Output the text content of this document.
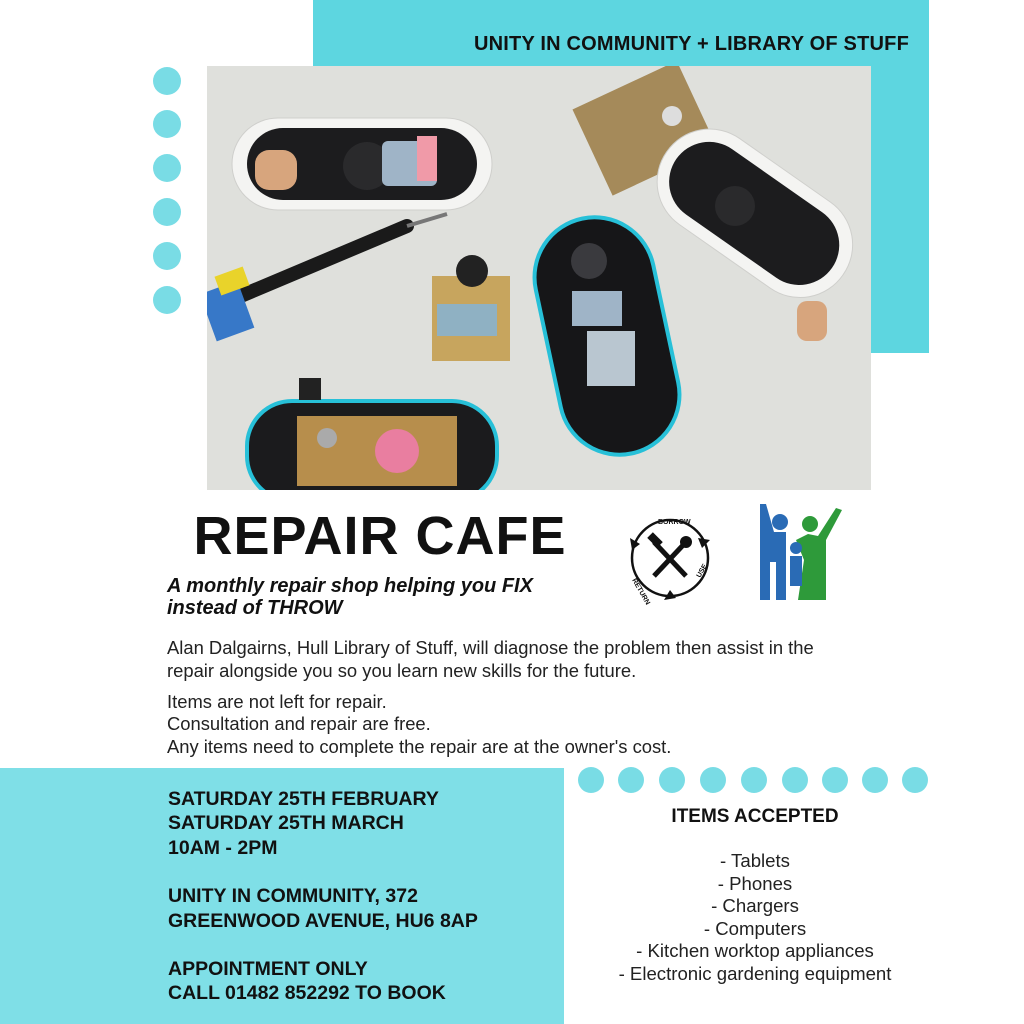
UNITY IN COMMUNITY + LIBRARY OF STUFF
REPAIR CAFE
A monthly repair shop helping you FIX instead of THROW
BORROW
USE
RETURN
Alan Dalgairns, Hull Library of Stuff, will diagnose the problem then assist in the repair alongside you so you learn new skills for the future.
Items are not left for repair.
Consultation and repair are free.
Any items need to complete the repair are at the owner's cost.
SATURDAY 25TH FEBRUARY
SATURDAY 25TH MARCH
10AM - 2PM
UNITY IN COMMUNITY, 372
GREENWOOD AVENUE, HU6 8AP
APPOINTMENT ONLY
CALL 01482 852292 TO BOOK
ITEMS ACCEPTED
- Tablets
- Phones
- Chargers
- Computers
- Kitchen worktop appliances
- Electronic gardening equipment
